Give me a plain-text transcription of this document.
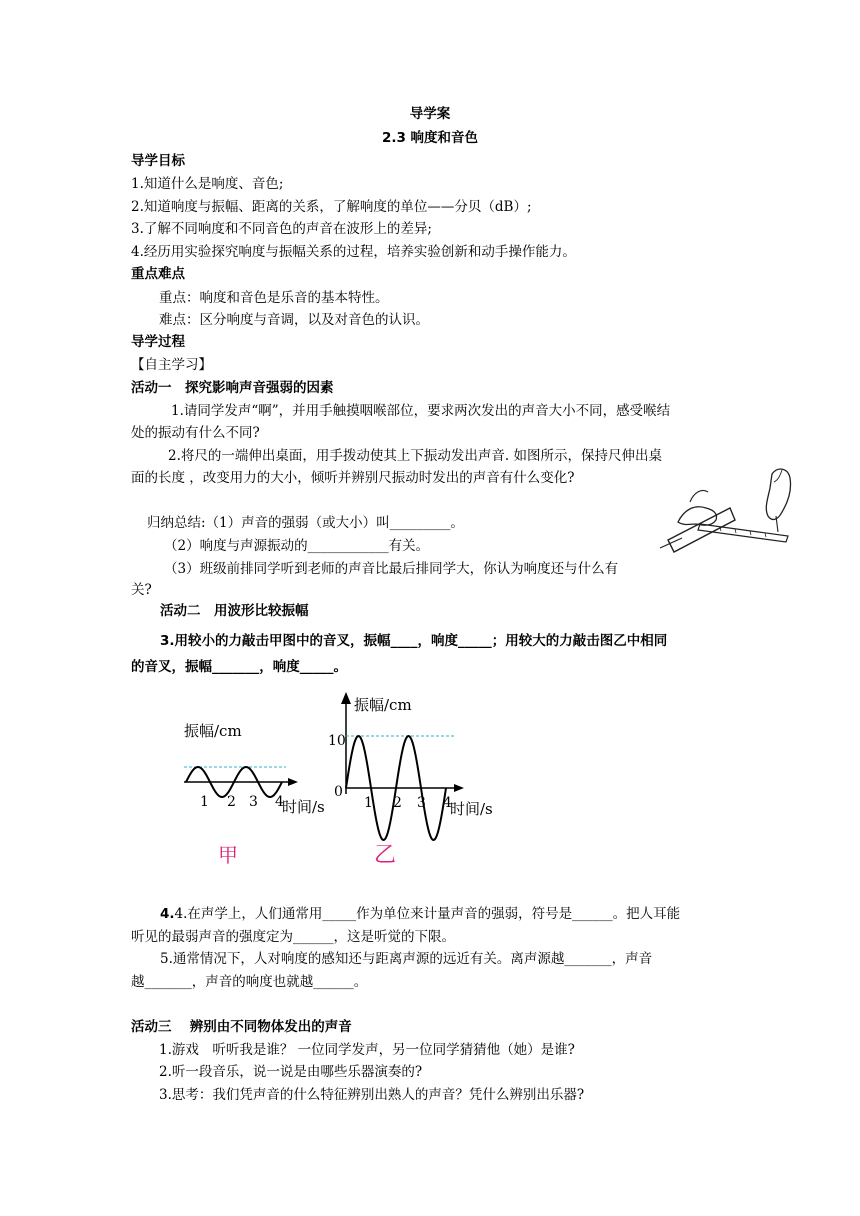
导学案
2.3 响度和音色
导学目标
1.知道什么是响度、音色;
2.知道响度与振幅、距离的关系，了解响度的单位——分贝（dB）;
3.了解不同响度和不同音色的声音在波形上的差异;
4.经历用实验探究响度与振幅关系的过程，培养实验创新和动手操作能力。
重点难点
重点：响度和音色是乐音的基本特性。
难点：区分响度与音调，以及对音色的认识。
导学过程
【自主学习】
活动一　探究影响声音强弱的因素
1.请同学发声“啊”，并用手触摸咽喉部位，要求两次发出的声音大小不同，感受喉结
处的振动有什么不同?
2.将尺的一端伸出桌面，用手拨动使其上下振动发出声音. 如图所示，保持尺伸出桌
面的长度 ，改变用力的大小，倾听并辨别尺振动时发出的声音有什么变化?
归纳总结:（1）声音的强弱（或大小）叫_________。
（2）响度与声源振动的____________有关。
（3）班级前排同学听到老师的声音比最后排同学大，你认为响度还与什么有
关?
活动二　用波形比较振幅
3.用较小的力敲击甲图中的音叉，振幅____，响度_____；用较大的力敲击图乙中相同
的音叉，振幅_______，响度_____。
振幅/cm
1 2 3 4
时间/s
甲
振幅/cm
10
0
1 2 3 4
时间/s
乙
4.4.在声学上，人们通常用_____作为单位来计量声音的强弱，符号是______。把人耳能
听见的最弱声音的强度定为______，这是听觉的下限。
5.通常情况下，人对响度的感知还与距离声源的远近有关。离声源越_______，声音
越_______，声音的响度也就越______。
活动三　 辨别由不同物体发出的声音
1.游戏　听听我是谁？ 一位同学发声，另一位同学猜猜他（她）是谁?
2.听一段音乐，说一说是由哪些乐器演奏的?
3.思考：我们凭声音的什么特征辨别出熟人的声音？凭什么辨别出乐器?
